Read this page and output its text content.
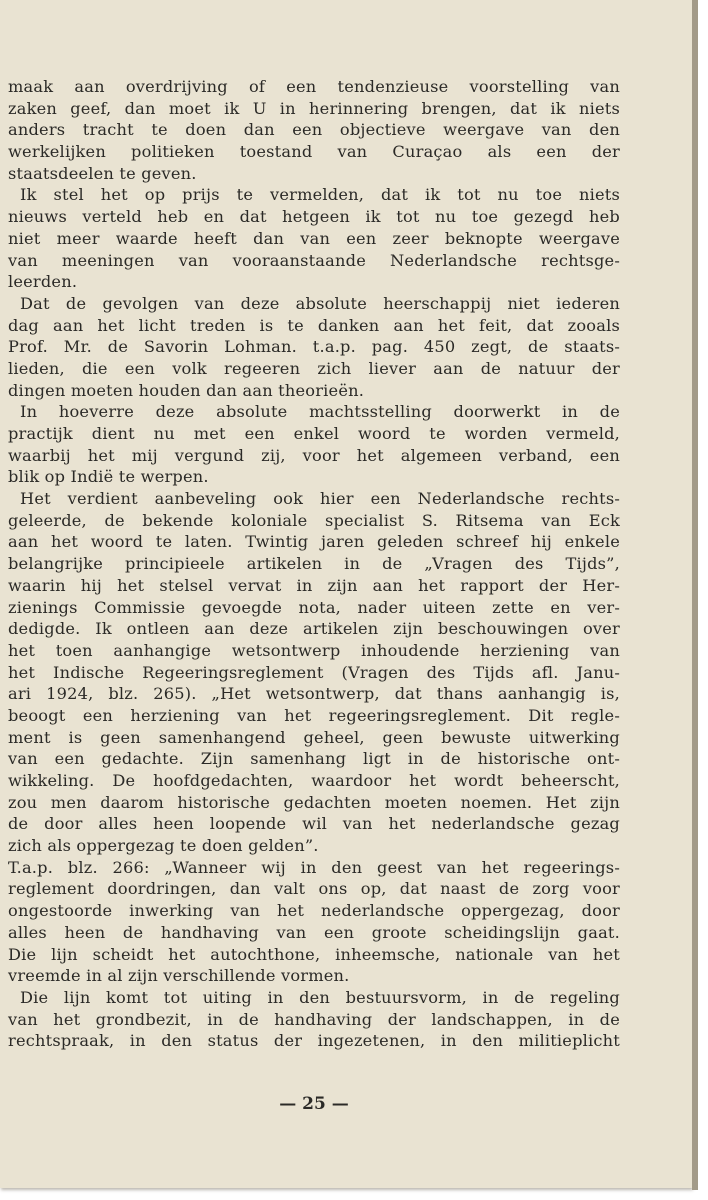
maak aan overdrijving of een tendenzieuse voorstelling van
zaken geef, dan moet ik U in herinnering brengen, dat ik niets
anders tracht te doen dan een objectieve weergave van den
werkelijken politieken toestand van Curaçao als een der
staatsdeelen te geven.
Ik stel het op prijs te vermelden, dat ik tot nu toe niets
nieuws verteld heb en dat hetgeen ik tot nu toe gezegd heb
niet meer waarde heeft dan van een zeer beknopte weergave
van meeningen van vooraanstaande Nederlandsche rechtsge-
leerden.
Dat de gevolgen van deze absolute heerschappij niet iederen
dag aan het licht treden is te danken aan het feit, dat zooals
Prof. Mr. de Savorin Lohman. t.a.p. pag. 450 zegt, de staats-
lieden, die een volk regeeren zich liever aan de natuur der
dingen moeten houden dan aan theorieën.
In hoeverre deze absolute machtsstelling doorwerkt in de
practijk dient nu met een enkel woord te worden vermeld,
waarbij het mij vergund zij, voor het algemeen verband, een
blik op Indië te werpen.
Het verdient aanbeveling ook hier een Nederlandsche rechts-
geleerde, de bekende koloniale specialist S. Ritsema van Eck
aan het woord te laten. Twintig jaren geleden schreef hij enkele
belangrijke principieele artikelen in de „Vragen des Tijds”,
waarin hij het stelsel vervat in zijn aan het rapport der Her-
zienings Commissie gevoegde nota, nader uiteen zette en ver-
dedigde. Ik ontleen aan deze artikelen zijn beschouwingen over
het toen aanhangige wetsontwerp inhoudende herziening van
het Indische Regeeringsreglement (Vragen des Tijds afl. Janu-
ari 1924, blz. 265). „Het wetsontwerp, dat thans aanhangig is,
beoogt een herziening van het regeeringsreglement. Dit regle-
ment is geen samenhangend geheel, geen bewuste uitwerking
van een gedachte. Zijn samenhang ligt in de historische ont-
wikkeling. De hoofdgedachten, waardoor het wordt beheerscht,
zou men daarom historische gedachten moeten noemen. Het zijn
de door alles heen loopende wil van het nederlandsche gezag
zich als oppergezag te doen gelden”.
T.a.p. blz. 266: „Wanneer wij in den geest van het regeerings-
reglement doordringen, dan valt ons op, dat naast de zorg voor
ongestoorde inwerking van het nederlandsche oppergezag, door
alles heen de handhaving van een groote scheidingslijn gaat.
Die lijn scheidt het autochthone, inheemsche, nationale van het
vreemde in al zijn verschillende vormen.
Die lijn komt tot uiting in den bestuursvorm, in de regeling
van het grondbezit, in de handhaving der landschappen, in de
rechtspraak, in den status der ingezetenen, in den militieplicht
— 25 —
